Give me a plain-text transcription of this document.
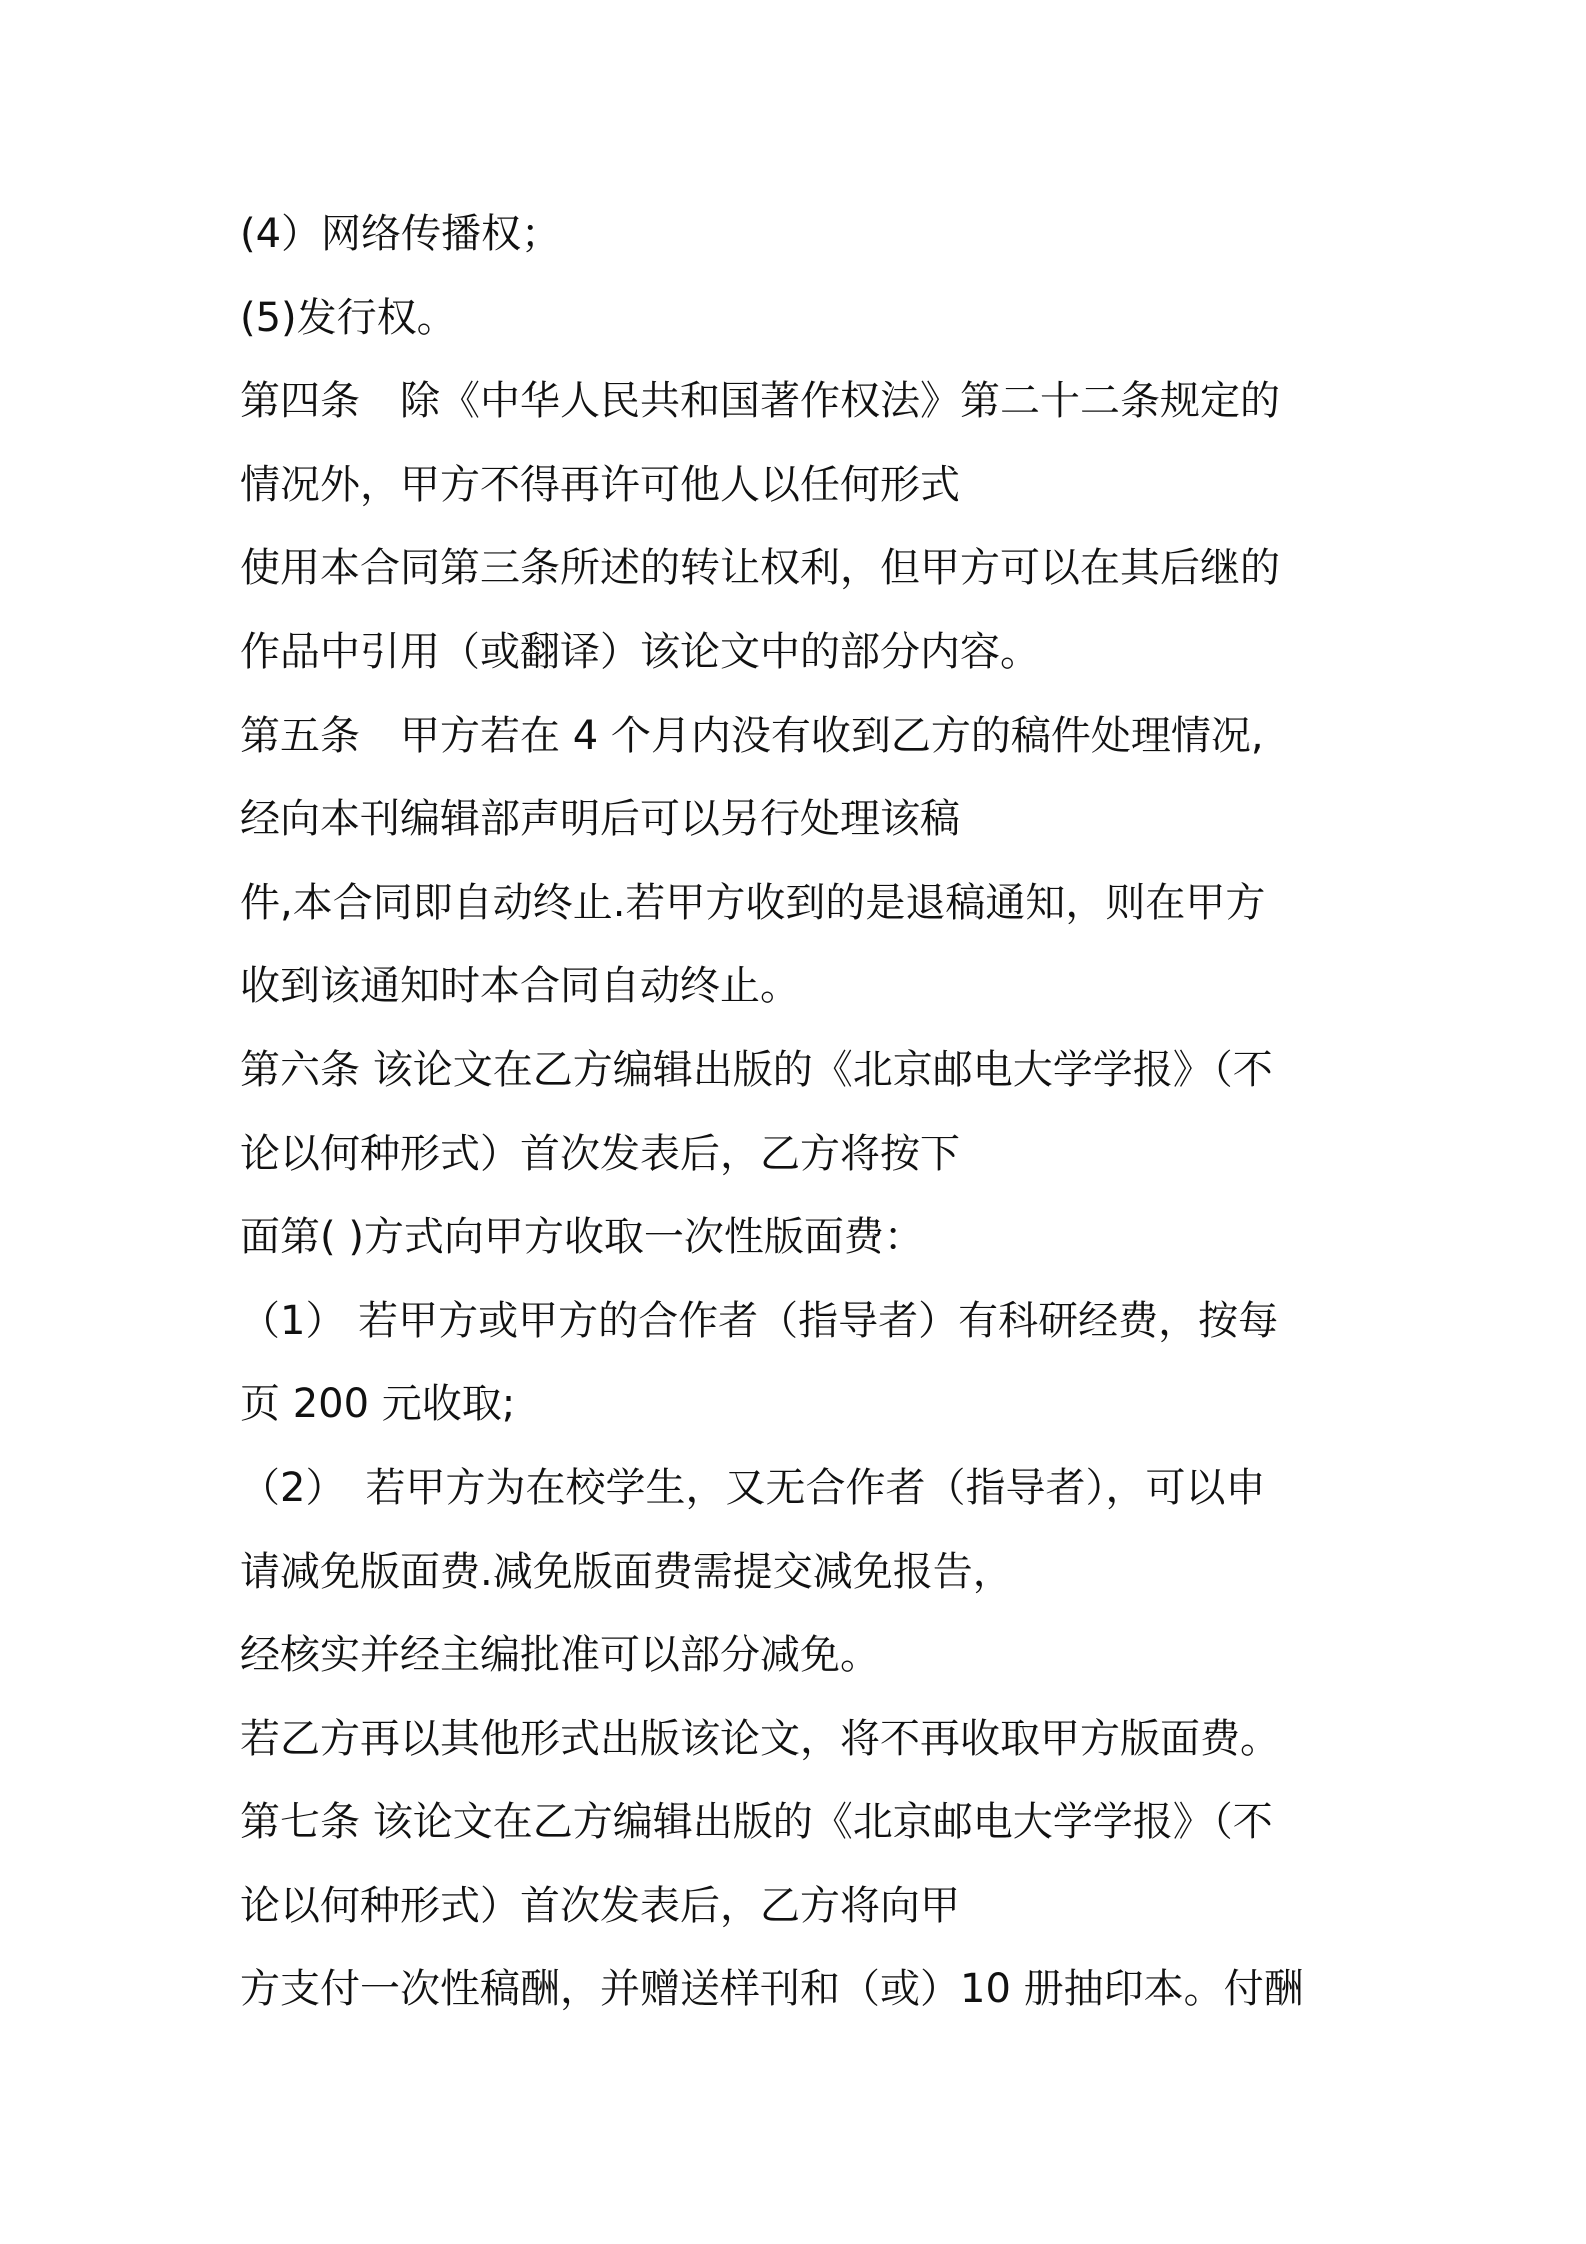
(4）网络传播权；
(5)发行权。
第四条　除《中华人民共和国著作权法》第二十二条规定的
情况外，甲方不得再许可他人以任何形式
使用本合同第三条所述的转让权利，但甲方可以在其后继的
作品中引用（或翻译）该论文中的部分内容。
第五条　甲方若在 4 个月内没有收到乙方的稿件处理情况,
经向本刊编辑部声明后可以另行处理该稿
件,本合同即自动终止.若甲方收到的是退稿通知，则在甲方
收到该通知时本合同自动终止。
第六条 该论文在乙方编辑出版的《北京邮电大学学报》（不
论以何种形式）首次发表后，乙方将按下
面第( )方式向甲方收取一次性版面费：
（1） 若甲方或甲方的合作者（指导者）有科研经费，按每
页 200 元收取;
（2）　若甲方为在校学生，又无合作者（指导者），可以申
请减免版面费.减免版面费需提交减免报告，
经核实并经主编批准可以部分减免。
若乙方再以其他形式出版该论文，将不再收取甲方版面费。
第七条 该论文在乙方编辑出版的《北京邮电大学学报》（不
论以何种形式）首次发表后，乙方将向甲
方支付一次性稿酬，并赠送样刊和（或）10 册抽印本。付酬
